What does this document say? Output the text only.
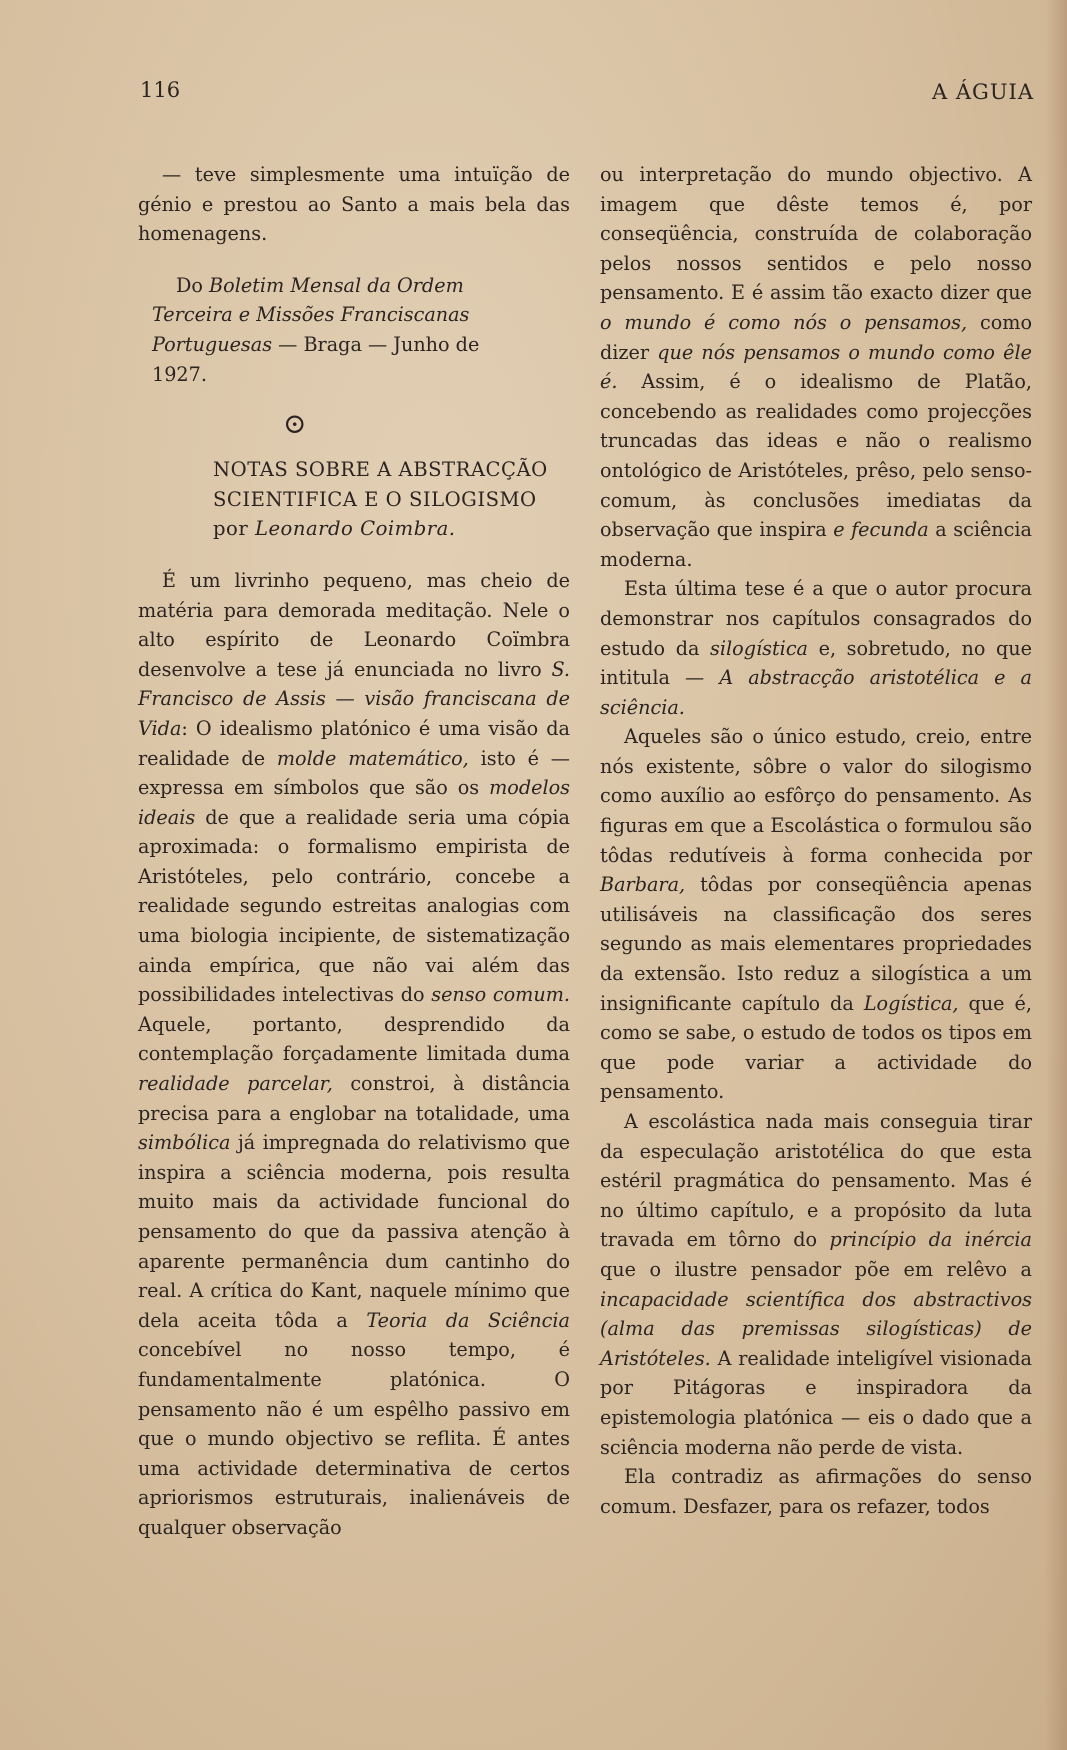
116	A ÁGUIA

— teve simplesmente uma intuïção de génio e prestou ao Santo a mais bela das homenagens.

Do Boletim Mensal da Ordem Terceira e Missões Franciscanas Portuguesas — Braga — Junho de 1927.

⊙

NOTAS SOBRE A ABSTRACÇÃO SCIENTIFICA E O SILOGISMO por Leonardo Coimbra.

É um livrinho pequeno, mas cheio de matéria para demorada meditação. Nele o alto espírito de Leonardo Coïmbra desenvolve a tese já enunciada no livro S. Francisco de Assis — visão franciscana de Vida: O idealismo platónico é uma visão da realidade de molde matemático, isto é — expressa em símbolos que são os modelos ideais de que a realidade seria uma cópia aproximada: o formalismo empirista de Aristóteles, pelo contrário, concebe a realidade segundo estreitas analogias com uma biologia incipiente, de sistematização ainda empírica, que não vai além das possibilidades intelectivas do senso comum. Aquele, portanto, desprendido da contemplação forçadamente limitada duma realidade parcelar, constroi, à distância precisa para a englobar na totalidade, uma simbólica já impregnada do relativismo que inspira a sciência moderna, pois resulta muito mais da actividade funcional do pensamento do que da passiva atenção à aparente permanência dum cantinho do real. A crítica do Kant, naquele mínimo que dela aceita tôda a Teoria da Sciência concebível no nosso tempo, é fundamentalmente platónica. O pensamento não é um espêlho passivo em que o mundo objectivo se reflita. É antes uma actividade determinativa de certos apriorismos estruturais, inalienáveis de qualquer observação

ou interpretação do mundo objectivo. A imagem que dêste temos é, por conseqüência, construída de colaboração pelos nossos sentidos e pelo nosso pensamento. E é assim tão exacto dizer que o mundo é como nós o pensamos, como dizer que nós pensamos o mundo como êle é. Assim, é o idealismo de Platão, concebendo as realidades como projecções truncadas das ideas e não o realismo ontológico de Aristóteles, prêso, pelo senso-comum, às conclusões imediatas da observação que inspira e fecunda a sciência moderna.

Esta última tese é a que o autor procura demonstrar nos capítulos consagrados do estudo da silogística e, sobretudo, no que intitula — A abstracção aristotélica e a sciência.

Aqueles são o único estudo, creio, entre nós existente, sôbre o valor do silogismo como auxílio ao esfôrço do pensamento. As figuras em que a Escolástica o formulou são tôdas redutíveis à forma conhecida por Barbara, tôdas por conseqüência apenas utilisáveis na classificação dos seres segundo as mais elementares propriedades da extensão. Isto reduz a silogística a um insignificante capítulo da Logística, que é, como se sabe, o estudo de todos os tipos em que pode variar a actividade do pensamento.

A escolástica nada mais conseguia tirar da especulação aristotélica do que esta estéril pragmática do pensamento. Mas é no último capítulo, e a propósito da luta travada em tôrno do princípio da inércia que o ilustre pensador põe em relêvo a incapacidade scientífica dos abstractivos (alma das premissas silogísticas) de Aristóteles. A realidade inteligível visionada por Pitágoras e inspiradora da epistemologia platónica — eis o dado que a sciência moderna não perde de vista.

Ela contradiz as afirmações do senso comum. Desfazer, para os refazer, todos
